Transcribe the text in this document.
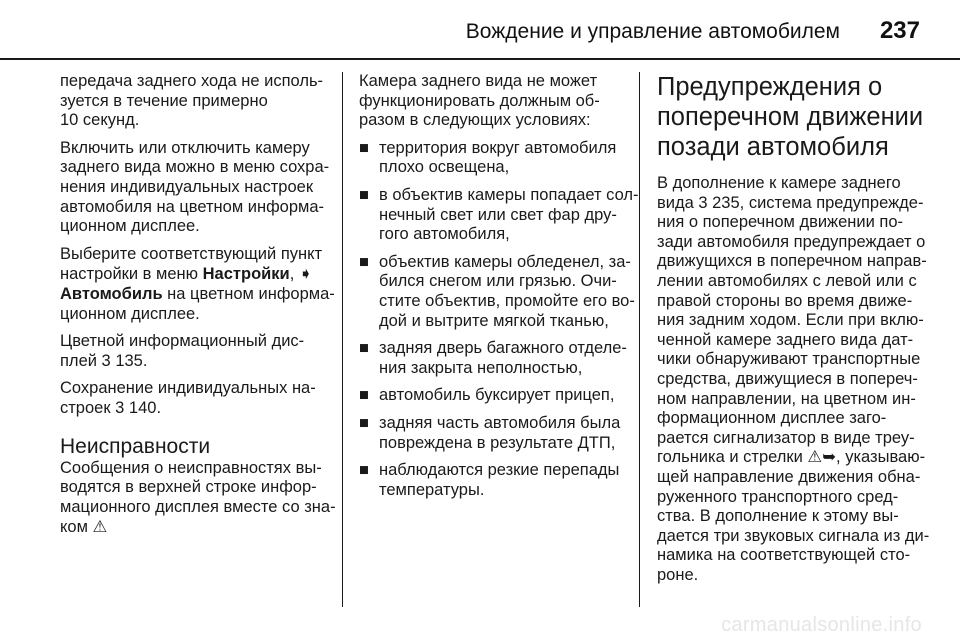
Вождение и управление автомобилем 237

передача заднего хода не исполь-
зуется в течение примерно
10 секунд.

Включить или отключить камеру
заднего вида можно в меню сохра-
нения индивидуальных настроек
автомобиля на цветном информа-
ционном дисплее.

Выберите соответствующий пункт
настройки в меню Настройки, ➧
Автомобиль на цветном информа-
ционном дисплее.

Цветной информационный дис-
плей 3 135.

Сохранение индивидуальных на-
строек 3 140.

Неисправности

Сообщения о неисправностях вы-
водятся в верхней строке инфор-
мационного дисплея вместе со зна-
ком ⚠

Камера заднего вида не может
функционировать должным об-
разом в следующих условиях:

■ территория вокруг автомобиля
плохо освещена,
■ в объектив камеры попадает сол-
нечный свет или свет фар дру-
гого автомобиля,
■ объектив камеры обледенел, за-
бился снегом или грязью. Очи-
стите объектив, промойте его во-
дой и вытрите мягкой тканью,
■ задняя дверь багажного отделе-
ния закрыта неполностью,
■ автомобиль буксирует прицеп,
■ задняя часть автомобиля была
повреждена в результате ДТП,
■ наблюдаются резкие перепады
температуры.
Предупреждения о
поперечном движении
позади автомобиля

В дополнение к камере заднего
вида 3 235, система предупрежде-
ния о поперечном движении по-
зади автомобиля предупреждает о
движущихся в поперечном направ-
лении автомобилях с левой или с
правой стороны во время движе-
ния задним ходом. Если при вклю-
ченной камере заднего вида дат-
чики обнаруживают транспортные
средства, движущиеся в попереч-
ном направлении, на цветном ин-
формационном дисплее заго-
рается сигнализатор в виде треу-
гольника и стрелки ⚠➥, указываю-
щей направление движения обна-
руженного транспортного сред-
ства. В дополнение к этому вы-
дается три звуковых сигнала из ди-
намика на соответствующей сто-
роне.

carmanualsonline.info
